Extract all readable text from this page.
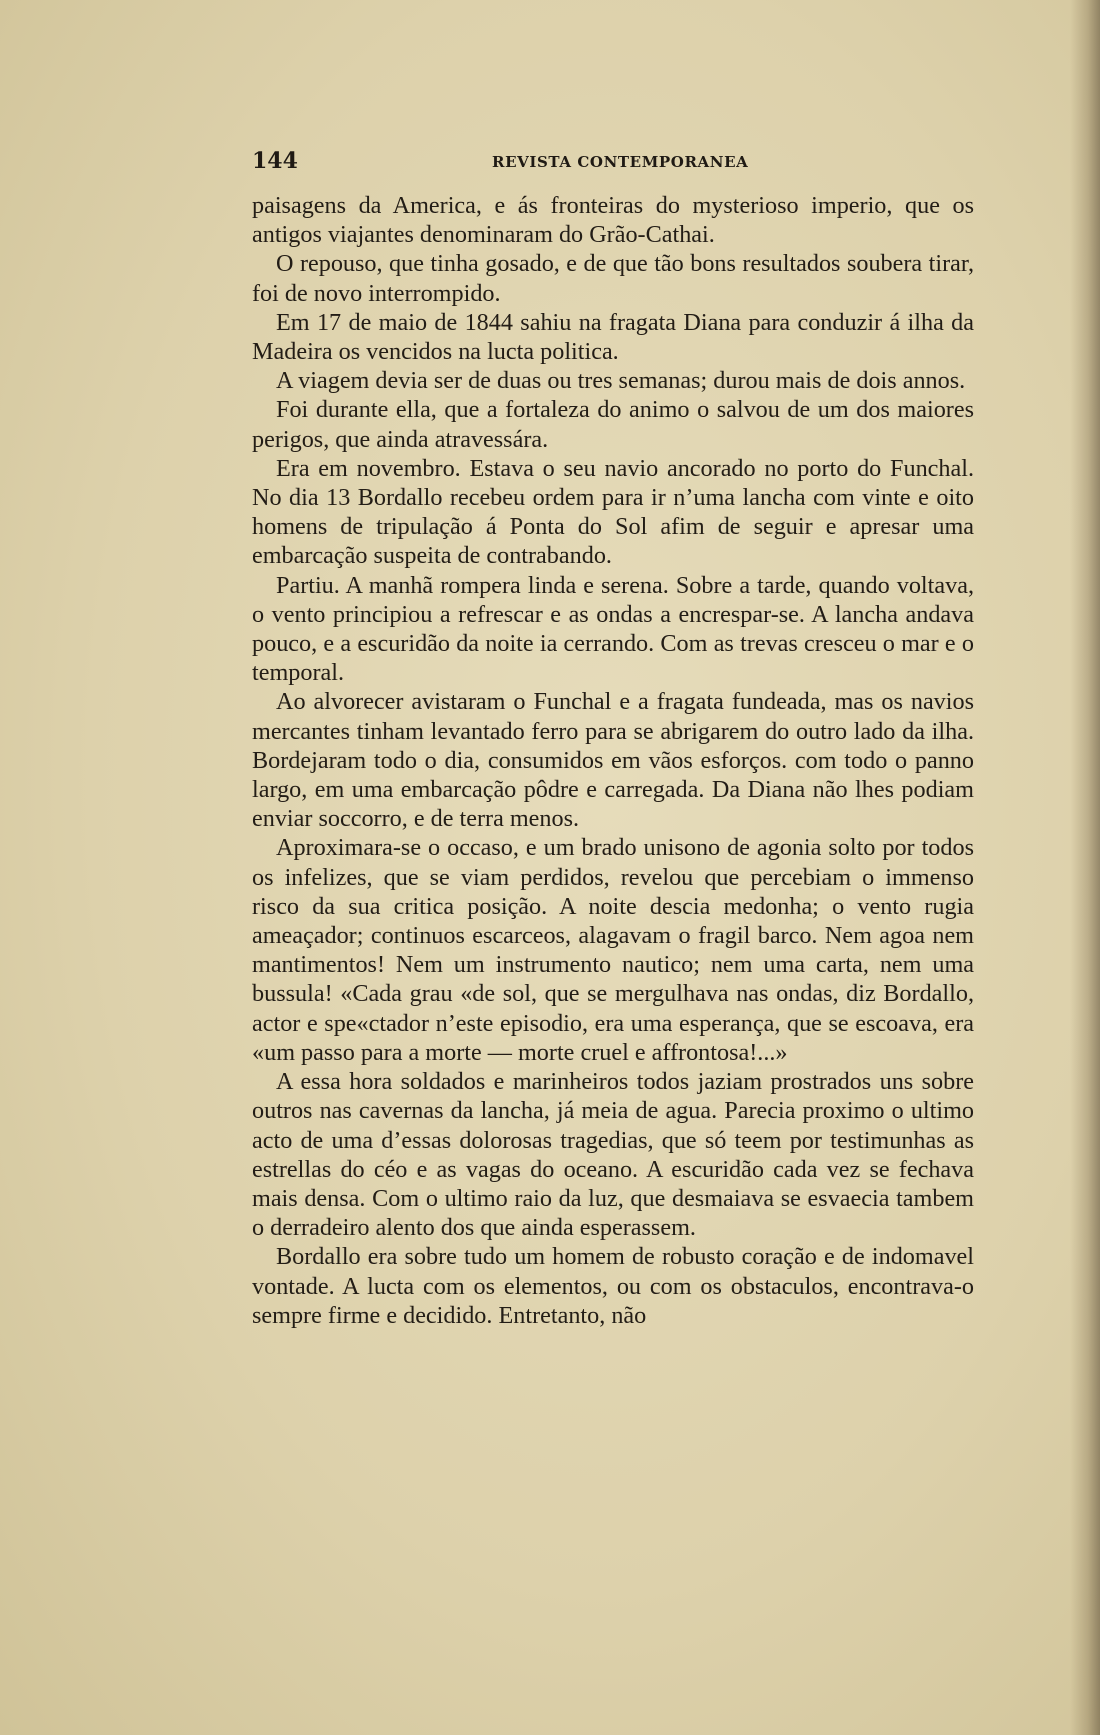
144	REVISTA CONTEMPORANEA

paisagens da America, e ás fronteiras do mysterioso imperio, que os antigos viajantes denominaram do Grão-Cathai.

O repouso, que tinha gosado, e de que tão bons resultados soubera tirar, foi de novo interrompido.

Em 17 de maio de 1844 sahiu na fragata Diana para conduzir á ilha da Madeira os vencidos na lucta politica.

A viagem devia ser de duas ou tres semanas; durou mais de dois annos.

Foi durante ella, que a fortaleza do animo o salvou de um dos maiores perigos, que ainda atravessára.

Era em novembro. Estava o seu navio ancorado no porto do Funchal. No dia 13 Bordallo recebeu ordem para ir n’uma lancha com vinte e oito homens de tripulação á Ponta do Sol afim de seguir e apresar uma embarcação suspeita de contrabando.

Partiu. A manhã rompera linda e serena. Sobre a tarde, quando voltava, o vento principiou a refrescar e as ondas a encrespar-se. A lancha andava pouco, e a escuridão da noite ia cerrando. Com as trevas cresceu o mar e o temporal.

Ao alvorecer avistaram o Funchal e a fragata fundeada, mas os navios mercantes tinham levantado ferro para se abrigarem do outro lado da ilha. Bordejaram todo o dia, consumidos em vãos esforços. com todo o panno largo, em uma embarcação pôdre e carregada. Da Diana não lhes podiam enviar soccorro, e de terra menos.

Aproximara-se o occaso, e um brado unisono de agonia solto por todos os infelizes, que se viam perdidos, revelou que percebiam o immenso risco da sua critica posição. A noite descia medonha; o vento rugia ameaçador; continuos escarceos, alagavam o fragil barco. Nem agoa nem mantimentos! Nem um instrumento nautico; nem uma carta, nem uma bussula! «Cada grau «de sol, que se mergulhava nas ondas, diz Bordallo, actor e spe«ctador n’este episodio, era uma esperança, que se escoava, era «um passo para a morte — morte cruel e affrontosa!...»

A essa hora soldados e marinheiros todos jaziam prostrados uns sobre outros nas cavernas da lancha, já meia de agua. Parecia proximo o ultimo acto de uma d’essas dolorosas tragedias, que só teem por testimunhas as estrellas do céo e as vagas do oceano. A escuridão cada vez se fechava mais densa. Com o ultimo raio da luz, que desmaiava se esvaecia tambem o derradeiro alento dos que ainda esperassem.

Bordallo era sobre tudo um homem de robusto coração e de indomavel vontade. A lucta com os elementos, ou com os obstaculos, encontrava-o sempre firme e decidido. Entretanto, não
